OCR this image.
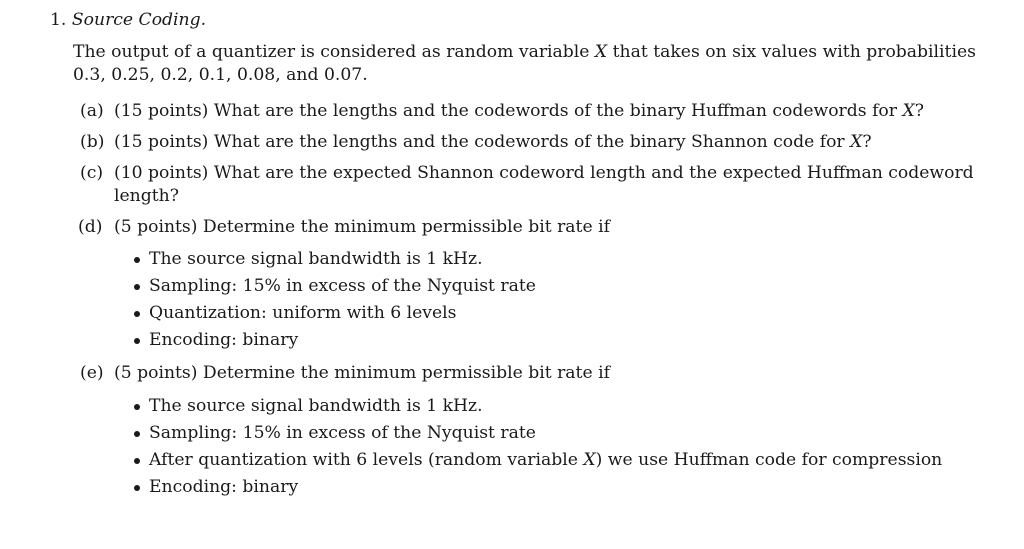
1. Source Coding.
The output of a quantizer is considered as random variable X that takes on six values with probabilities
0.3, 0.25, 0.2, 0.1, 0.08, and 0.07.
(a) (15 points) What are the lengths and the codewords of the binary Huffman codewords for X?
(b) (15 points) What are the lengths and the codewords of the binary Shannon code for X?
(c) (10 points) What are the expected Shannon codeword length and the expected Huffman codeword
length?
(d) (5 points) Determine the minimum permissible bit rate if
The source signal bandwidth is 1 kHz.
Sampling: 15% in excess of the Nyquist rate
Quantization: uniform with 6 levels
Encoding: binary
(e) (5 points) Determine the minimum permissible bit rate if
The source signal bandwidth is 1 kHz.
Sampling: 15% in excess of the Nyquist rate
After quantization with 6 levels (random variable X) we use Huffman code for compression
Encoding: binary
